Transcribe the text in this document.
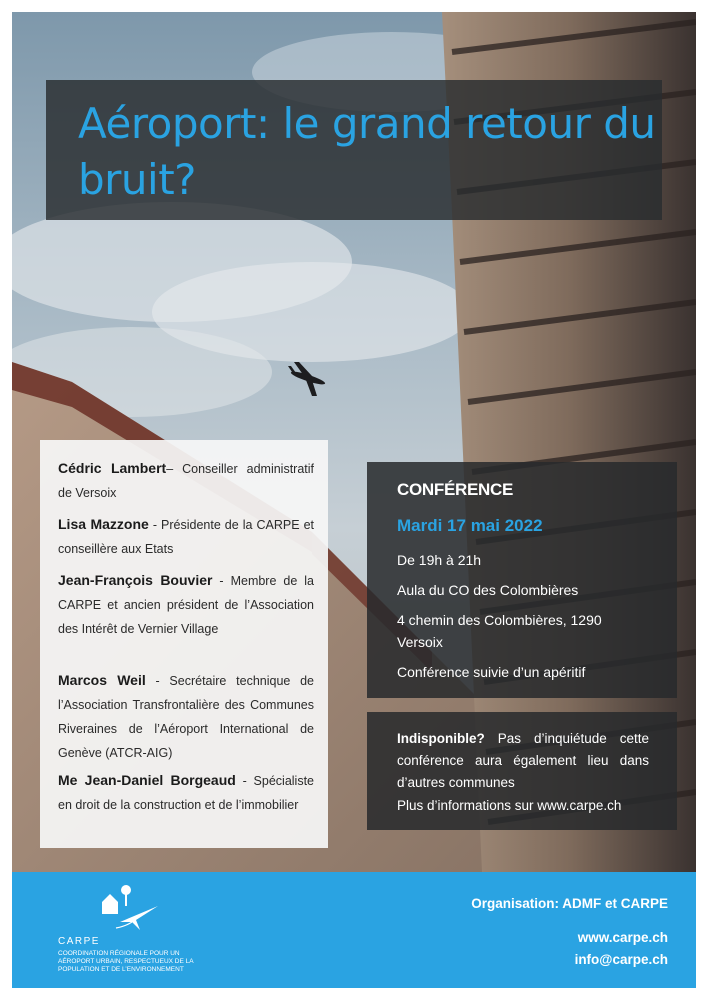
Aéroport: le grand retour du bruit?

Cédric Lambert– Conseiller administratif de Versoix

Lisa Mazzone - Présidente de la CARPE et conseillère aux Etats

Jean-François Bouvier - Membre de la CARPE et ancien président de l’Association des Intérêt de Vernier Village

Marcos Weil - Secrétaire technique de l’Association Transfrontalière des Communes Riveraines de l’Aéroport International de Genève (ATCR-AIG)

Me Jean-Daniel Borgeaud - Spécialiste en droit de la construction et de l’immobilier

CONFÉRENCE

Mardi 17 mai 2022

De 19h à 21h

Aula du CO des Colombières

4 chemin des Colombières, 1290

Versoix

Conférence suivie d’un apéritif

Indisponible? Pas d’inquiétude cette conférence aura également lieu dans d’autres communes

Plus d’informations sur www.carpe.ch

CARPE

COORDINATION RÉGIONALE POUR UN AÉROPORT URBAIN, RESPECTUEUX DE LA POPULATION ET DE L’ENVIRONNEMENT

Organisation: ADMF et CARPE

www.carpe.ch

info@carpe.ch
